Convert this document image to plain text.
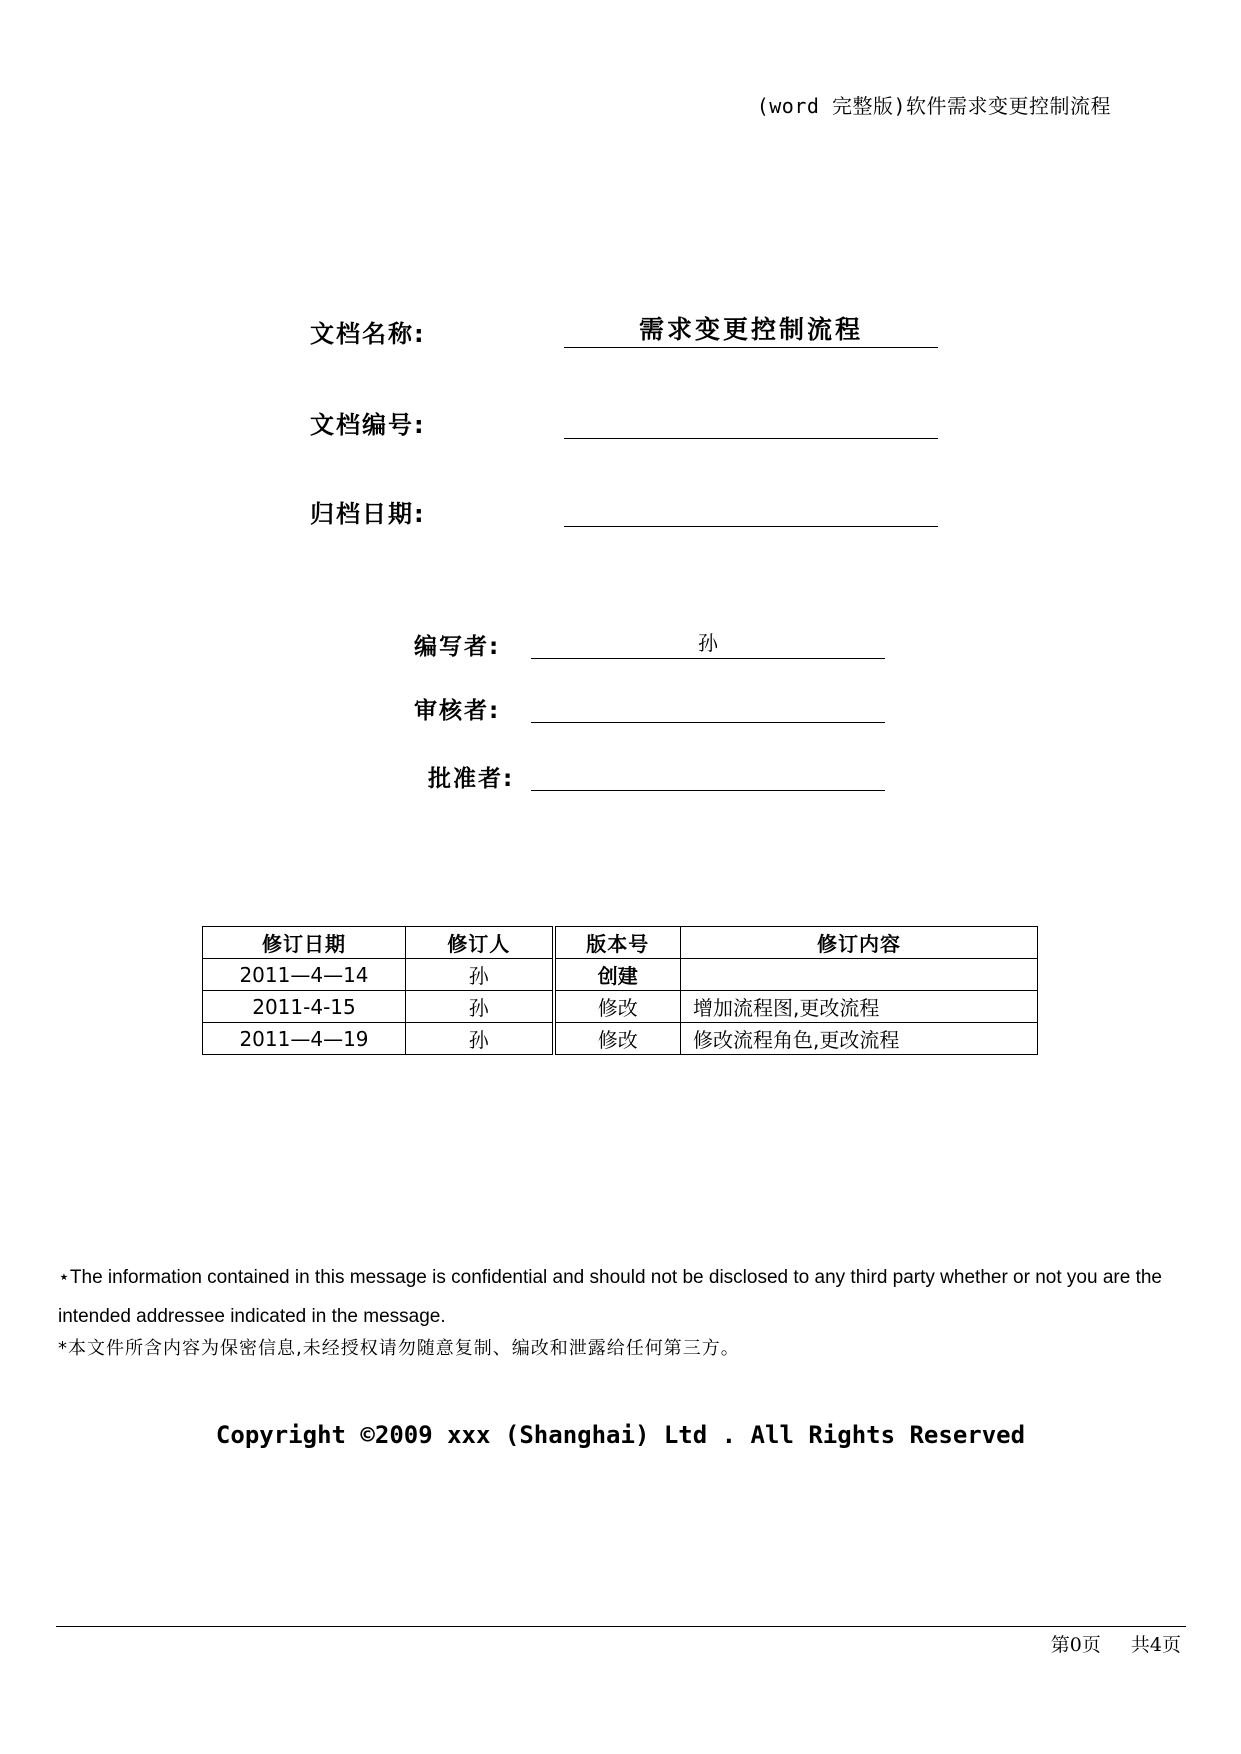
(word 完整版)软件需求变更控制流程
文档名称:	需求变更控制流程
文档编号:
归档日期:
编写者:	孙
审核者:
批准者:
修订日期	修订人	版本号	修订内容
2011—4—14	孙	创建	
2011-4-15	孙	修改	增加流程图,更改流程
2011—4—19	孙	修改	修改流程角色,更改流程
⋆The information contained in this message is confidential and should not be disclosed to any third party whether or not you are the intended addressee indicated in the message.
*本文件所含内容为保密信息,未经授权请勿随意复制、编改和泄露给任何第三方。
Copyright ©2009 xxx (Shanghai) Ltd . All Rights Reserved
第0页 共4页
